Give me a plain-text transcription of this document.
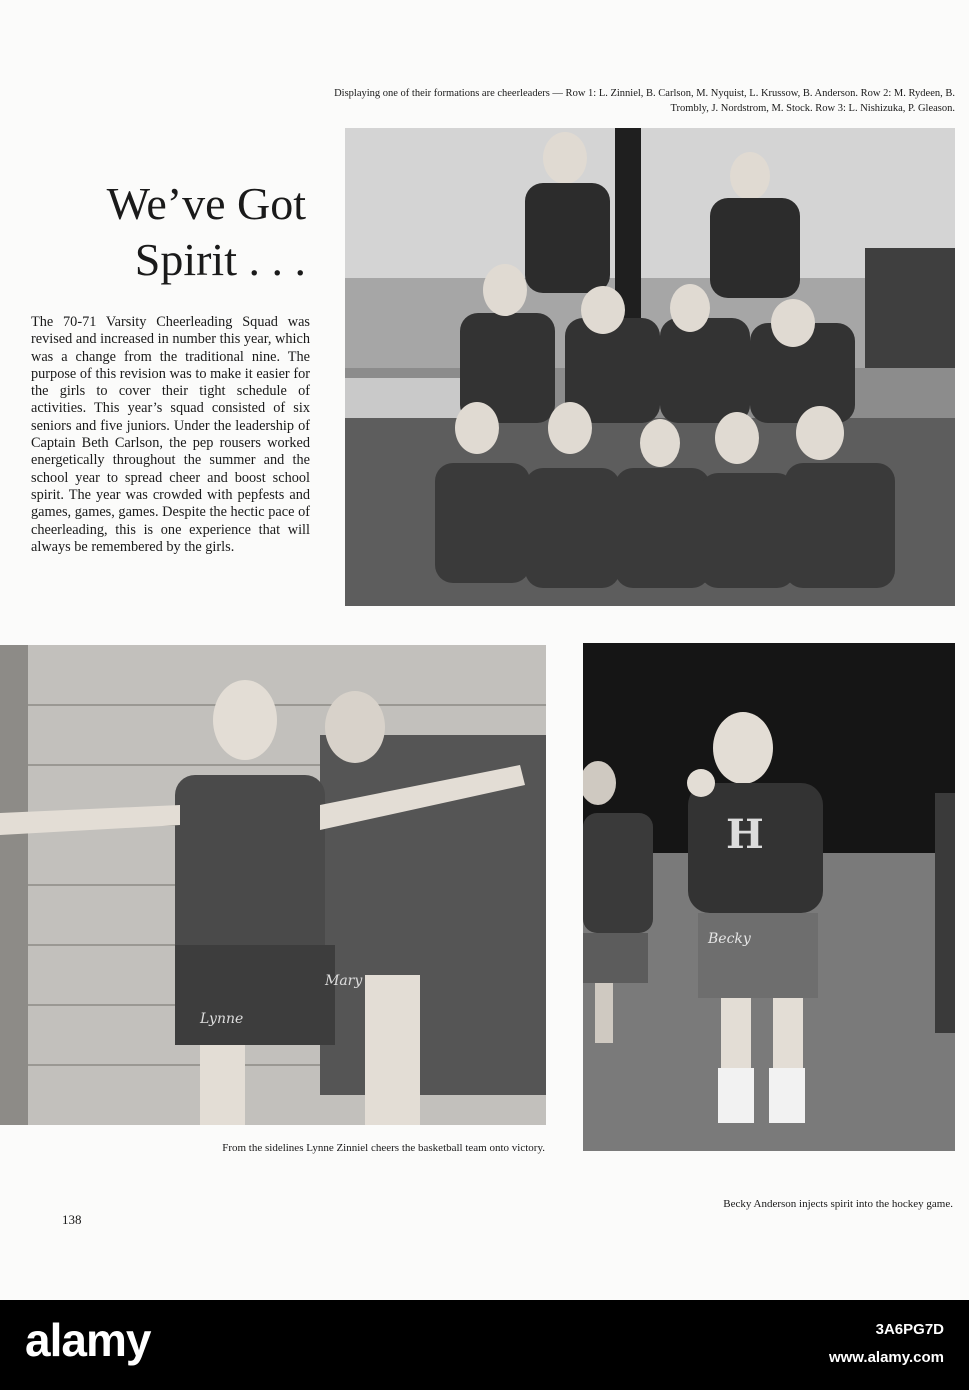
Displaying one of their formations are cheerleaders — Row 1: L. Zinniel, B. Carlson, M. Nyquist, L. Krussow, B. Anderson. Row 2: M. Rydeen, B. Trombly, J. Nordstrom, M. Stock. Row 3: L. Nishizuka, P. Gleason.
We’ve Got
Spirit . . .

The 70-71 Varsity Cheerleading Squad was revised and increased in number this year, which was a change from the traditional nine. The purpose of this revision was to make it easier for the girls to cover their tight schedule of activities. This year’s squad consisted of six seniors and five juniors. Under the leadership of Captain Beth Carlson, the pep rousers worked energetically throughout the summer and the school year to spread cheer and boost school spirit. The year was crowded with pepfests and games, games, games. Despite the hectic pace of cheerleading, this is one experience that will always be remembered by the girls.

Lynne
Mary
From the sidelines Lynne Zinniel cheers the basketball team onto victory.
H
Becky
Becky Anderson injects spirit into the hockey game.
138
alamy	3A6PG7D
www.alamy.com
